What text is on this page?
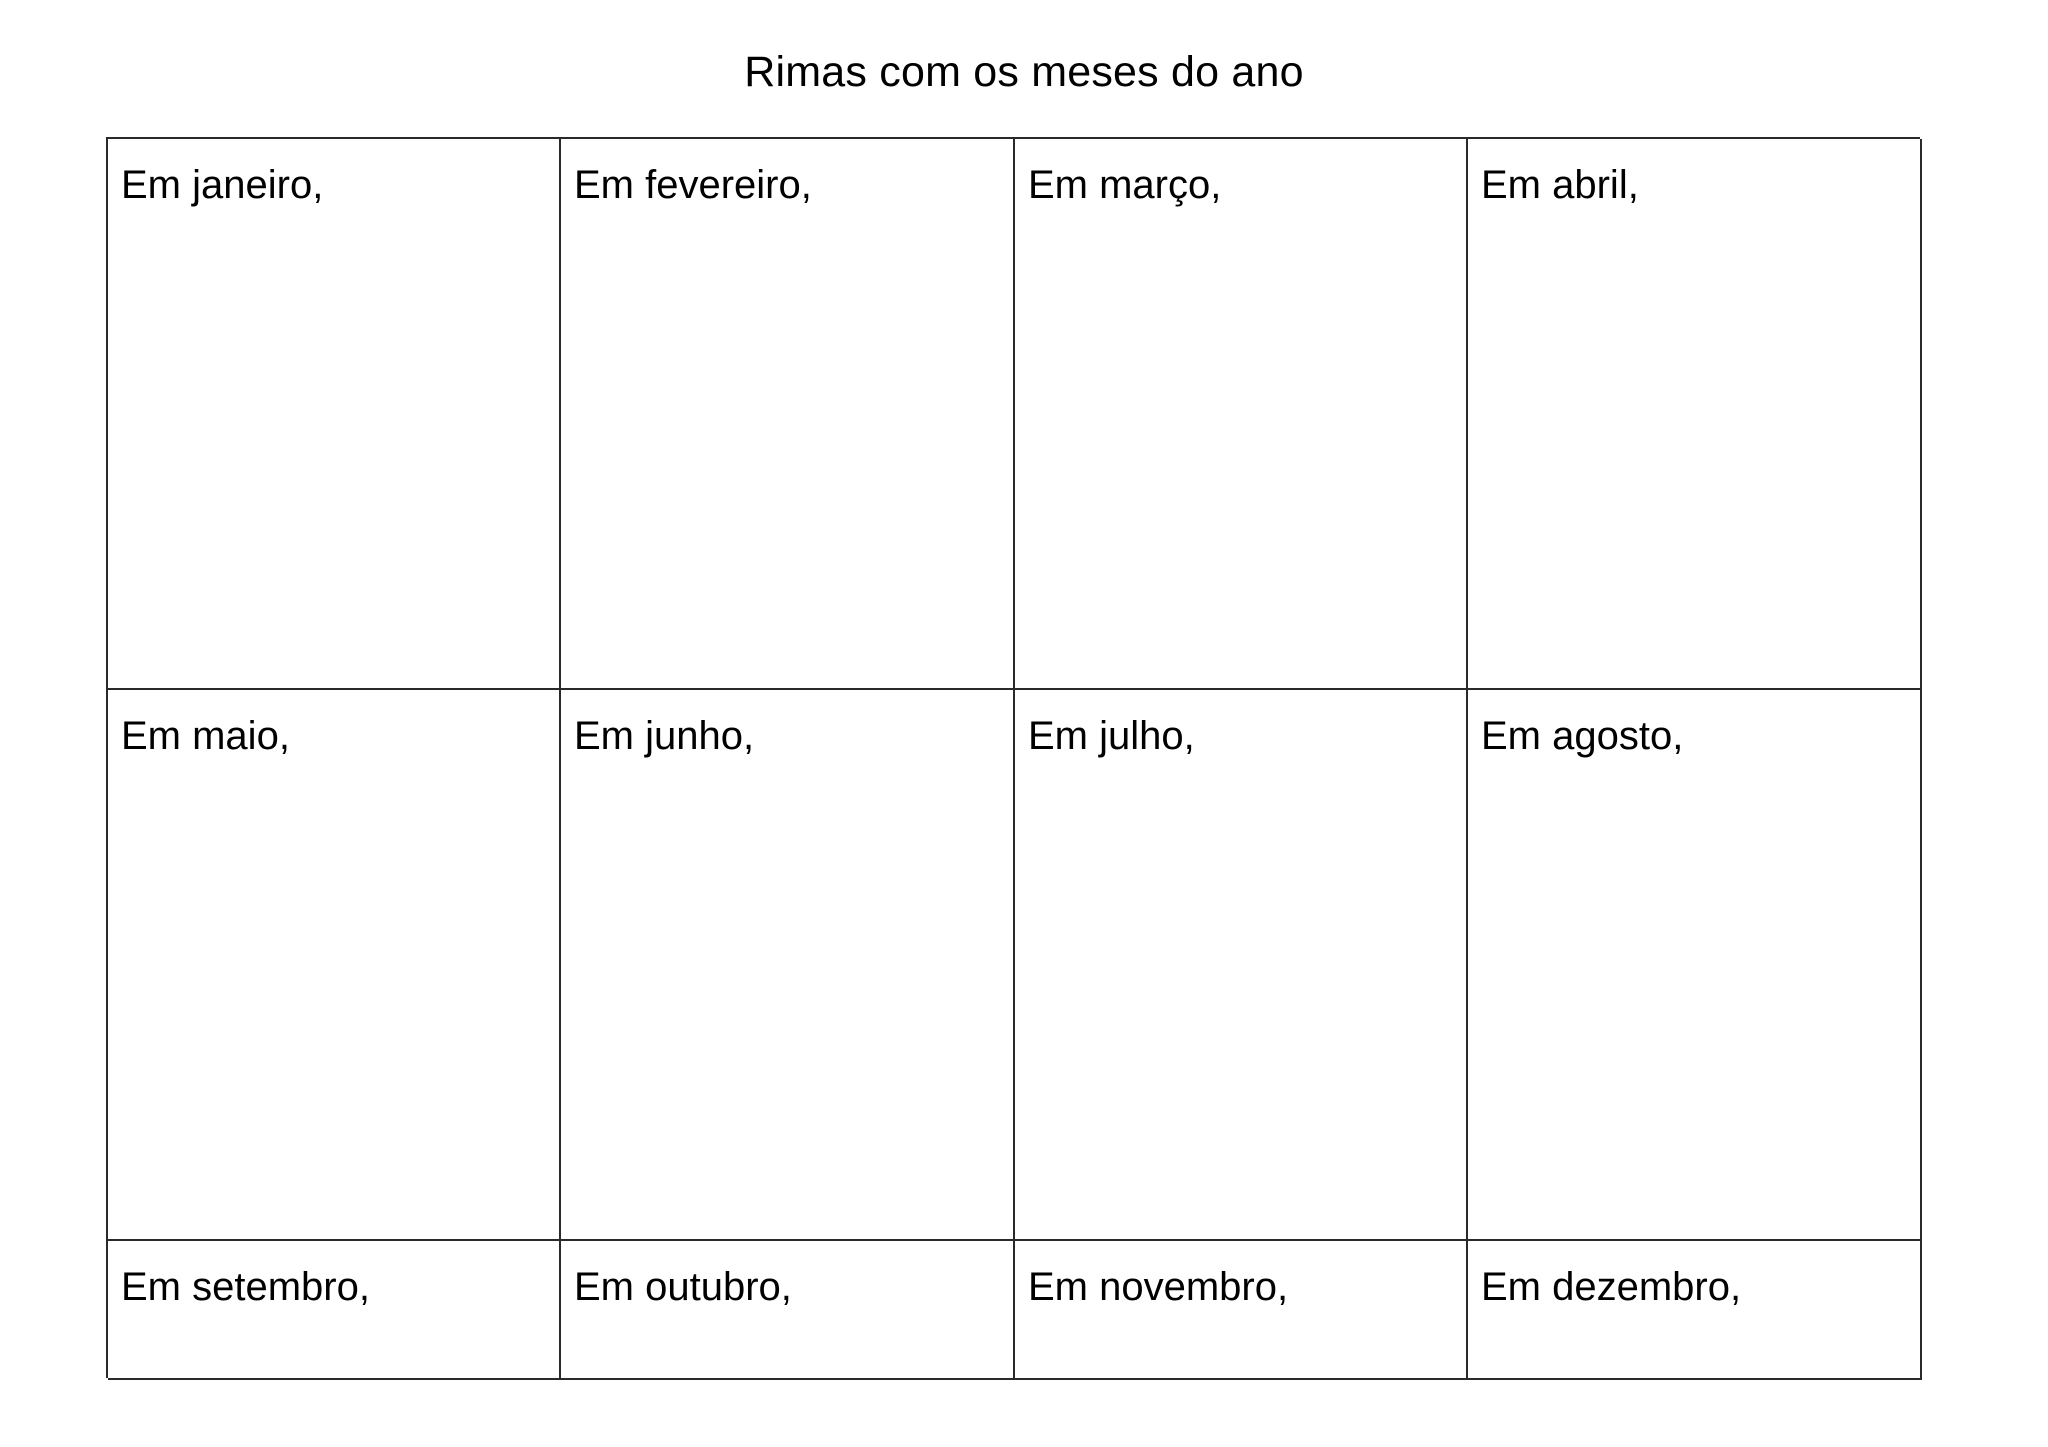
Rimas com os meses do ano
Em janeiro,	Em fevereiro,	Em março,	Em abril,
Em maio,	Em junho,	Em julho,	Em agosto,
Em setembro,	Em outubro,	Em novembro,	Em dezembro,
